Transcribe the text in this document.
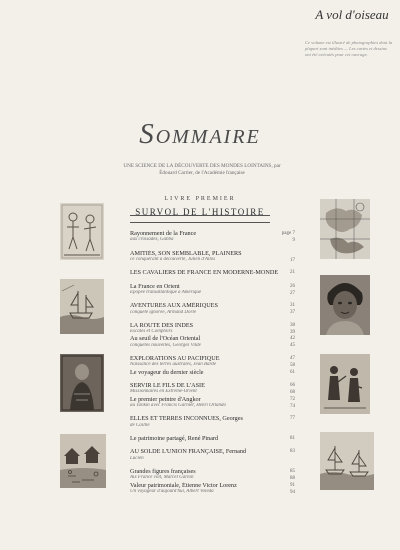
A vol d'oiseau
Ce volume est illustré de photographies dont la plupart sont inédites — Les cartes et dessins ont été exécutés pour cet ouvrage.
Sommaire
UNE SCIENCE DE LA DÉCOUVERTE DES MONDES LOINTAINS, par Édouard Carrier, de l'Académie française
LIVRE PREMIER
SURVOL DE L'HISTOIRE
Rayonnement de la France	page 7
aux croisades, Gabba	9
AMITIÉS, SON SEMBLABLE, PLAINERS
ce conquérant à découverte, Julien d'Allos	17
LES CAVALIERS DE FRANCE EN MODERNE-MONDE	21
La France en Orient	26
Épopée transatlantique à Amérique	27
AVENTURES AUX AMÉRIQUES	31
conquête ignorée, Armand Dorlé	37
LA ROUTE DES INDES	38
Escales et Comptoirs	39
Au seuil de l'Océan Oriental	42
conquêtes nouvelles, Georges Vilde	45
EXPLORATIONS AU PACIFIQUE	47
Naissance des terres australes, Jean Barde	58
Le voyageur du dernier siècle	61
SERVIR LE FILS DE L'ASIE	66
Missionnaires en Extrême-Orient	68
Le premier peintre d'Angkor	72
au Tonkin avec Francis Garnier, Henri Orlando	74
ELLES ET TERRES INCONNUES, Georges	77
de Caillié
Le patrimoine partagé, René Pinard	81
AU SOLDE L'UNION FRANÇAISE, Fernand	83
Lucien
Grandes figures françaises	85
Aix France voit, Marcel Garlon	88
Valeur patrimoniale, Étienne Victor Lorenz	91
Un voyageur d'aujourd'hui, Albert Voleda	94
